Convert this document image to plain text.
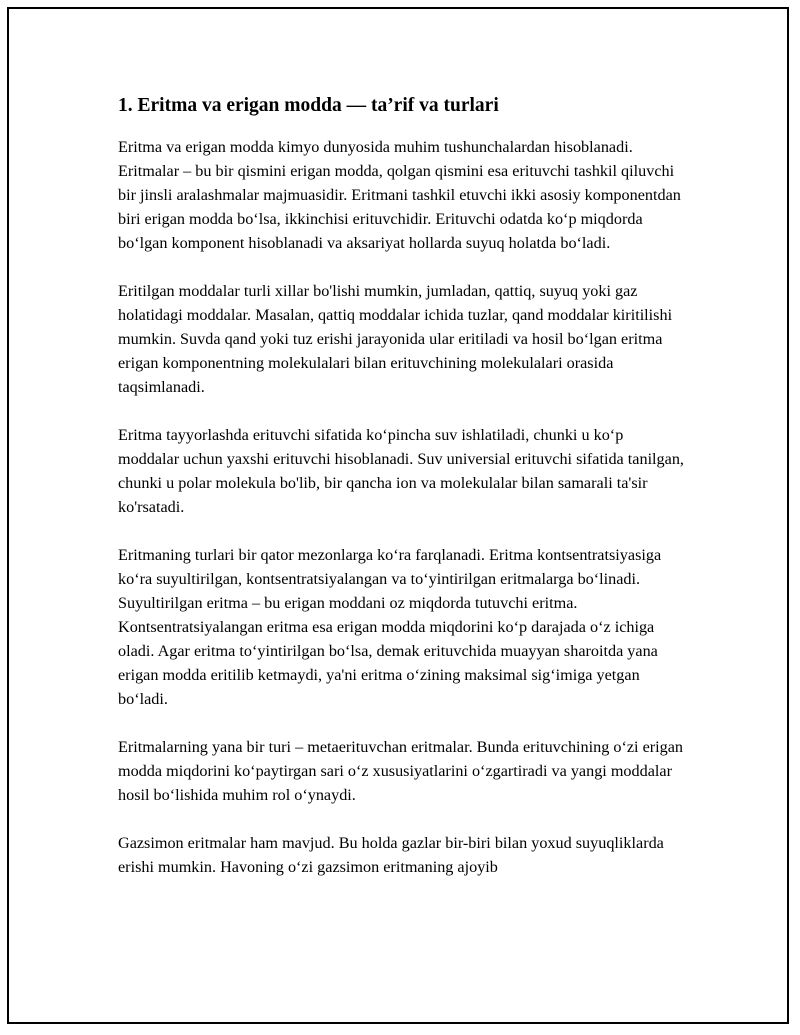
1. Eritma va erigan modda — ta’rif va turlari

Eritma va erigan modda kimyo dunyosida muhim tushunchalardan hisoblanadi. Eritmalar – bu bir qismini erigan modda, qolgan qismini esa erituvchi tashkil qiluvchi bir jinsli aralashmalar majmuasidir. Eritmani tashkil etuvchi ikki asosiy komponentdan biri erigan modda bo‘lsa, ikkinchisi erituvchidir. Erituvchi odatda ko‘p miqdorda bo‘lgan komponent hisoblanadi va aksariyat hollarda suyuq holatda bo‘ladi.

Eritilgan moddalar turli xillar bo'lishi mumkin, jumladan, qattiq, suyuq yoki gaz holatidagi moddalar. Masalan, qattiq moddalar ichida tuzlar, qand moddalar kiritilishi mumkin. Suvda qand yoki tuz erishi jarayonida ular eritiladi va hosil bo‘lgan eritma erigan komponentning molekulalari bilan erituvchining molekulalari orasida taqsimlanadi.

Eritma tayyorlashda erituvchi sifatida ko‘pincha suv ishlatiladi, chunki u ko‘p moddalar uchun yaxshi erituvchi hisoblanadi. Suv universial erituvchi sifatida tanilgan, chunki u polar molekula bo'lib, bir qancha ion va molekulalar bilan samarali ta'sir ko'rsatadi.

Eritmaning turlari bir qator mezonlarga ko‘ra farqlanadi. Eritma kontsentratsiyasiga ko‘ra suyultirilgan, kontsentratsiyalangan va to‘yintirilgan eritmalarga bo‘linadi. Suyultirilgan eritma – bu erigan moddani oz miqdorda tutuvchi eritma. Kontsentratsiyalangan eritma esa erigan modda miqdorini ko‘p darajada o‘z ichiga oladi. Agar eritma to‘yintirilgan bo‘lsa, demak erituvchida muayyan sharoitda yana erigan modda eritilib ketmaydi, ya'ni eritma o‘zining maksimal sig‘imiga yetgan bo‘ladi.

Eritmalarning yana bir turi – metaerituvchan eritmalar. Bunda erituvchining o‘zi erigan modda miqdorini ko‘paytirgan sari o‘z xususiyatlarini o‘zgartiradi va yangi moddalar hosil bo‘lishida muhim rol o‘ynaydi.

Gazsimon eritmalar ham mavjud. Bu holda gazlar bir-biri bilan yoxud suyuqliklarda erishi mumkin. Havoning o‘zi gazsimon eritmaning ajoyib
